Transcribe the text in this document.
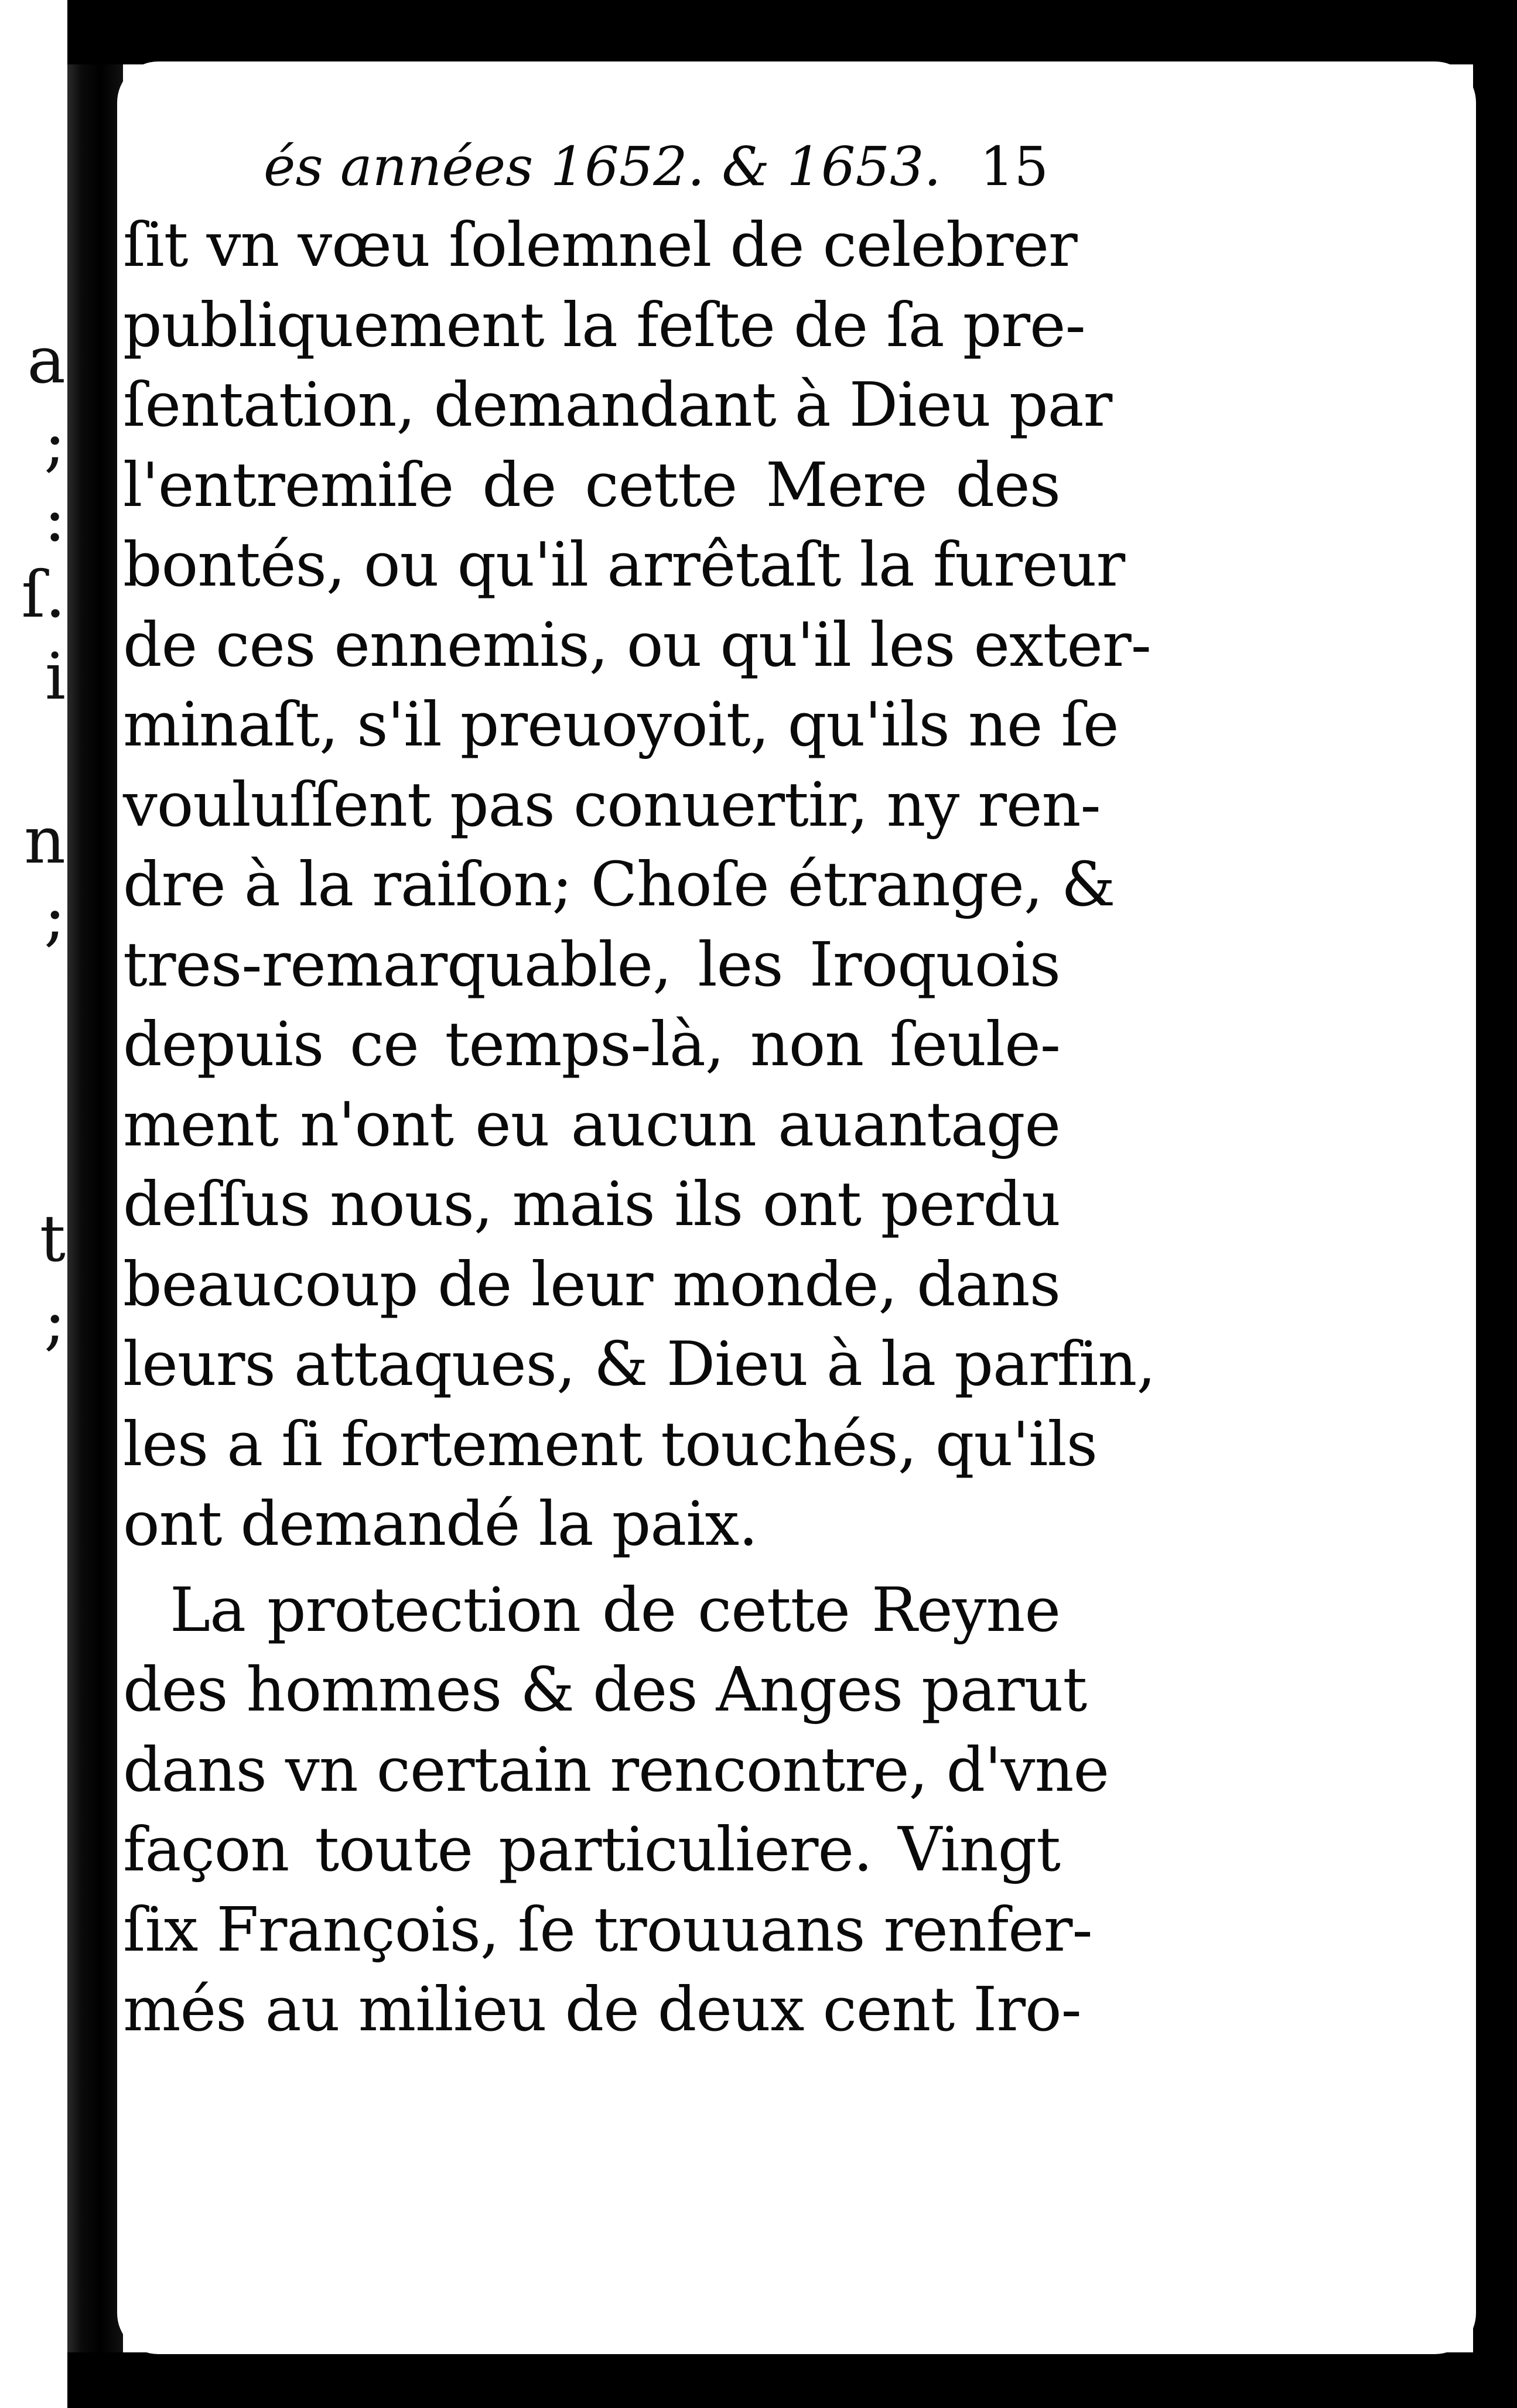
a
;
:
ſ.
i
n
;
t
;
és années 1652. & 1653. 15
ſit vn vœu ſolemnel de celebrer
publiquement la feſte de ſa pre-
ſentation, demandant à Dieu par
l'entremiſe de cette Mere des
bontés, ou qu'il arrêtaſt la fureur
de ces ennemis, ou qu'il les exter-
minaſt, s'il preuoyoit, qu'ils ne ſe
vouluſſent pas conuertir, ny ren-
dre à la raiſon; Choſe étrange, &
tres-remarquable, les Iroquois
depuis ce temps-là, non ſeule-
ment n'ont eu aucun auantage
deſſus nous, mais ils ont perdu
beaucoup de leur monde, dans
leurs attaques, & Dieu à la parfin,
les a ſi fortement touchés, qu'ils
ont demandé la paix.
La protection de cette Reyne
des hommes & des Anges parut
dans vn certain rencontre, d'vne
façon toute particuliere. Vingt
ſix François, ſe trouuans renfer-
més au milieu de deux cent Iro-
